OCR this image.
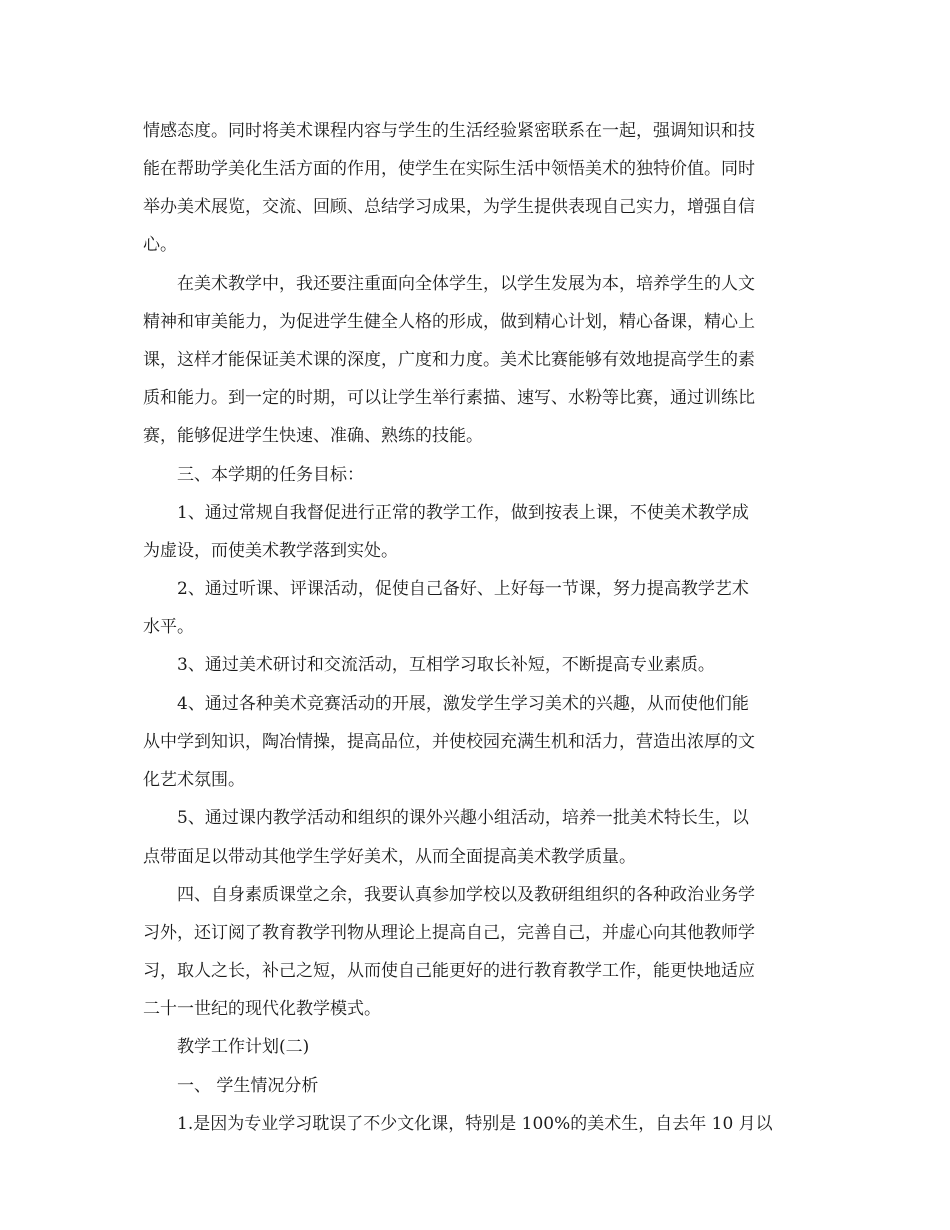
情感态度。同时将美术课程内容与学生的生活经验紧密联系在一起，强调知识和技
能在帮助学美化生活方面的作用，使学生在实际生活中领悟美术的独特价值。同时
举办美术展览，交流、回顾、总结学习成果，为学生提供表现自己实力，增强自信
心。
在美术教学中，我还要注重面向全体学生，以学生发展为本，培养学生的人文
精神和审美能力，为促进学生健全人格的形成，做到精心计划，精心备课，精心上
课，这样才能保证美术课的深度，广度和力度。美术比赛能够有效地提高学生的素
质和能力。到一定的时期，可以让学生举行素描、速写、水粉等比赛，通过训练比
赛，能够促进学生快速、准确、熟练的技能。
三、本学期的任务目标：
1、通过常规自我督促进行正常的教学工作，做到按表上课，不使美术教学成
为虚设，而使美术教学落到实处。
2、通过听课、评课活动，促使自己备好、上好每一节课，努力提高教学艺术
水平。
3、通过美术研讨和交流活动，互相学习取长补短，不断提高专业素质。
4、通过各种美术竞赛活动的开展，激发学生学习美术的兴趣，从而使他们能
从中学到知识，陶冶情操，提高品位，并使校园充满生机和活力，营造出浓厚的文
化艺术氛围。
5、通过课内教学活动和组织的课外兴趣小组活动，培养一批美术特长生，以
点带面足以带动其他学生学好美术，从而全面提高美术教学质量。
四、自身素质课堂之余，我要认真参加学校以及教研组组织的各种政治业务学
习外，还订阅了教育教学刊物从理论上提高自己，完善自己，并虚心向其他教师学
习，取人之长，补己之短，从而使自己能更好的进行教育教学工作，能更快地适应
二十一世纪的现代化教学模式。
教学工作计划(二)
一、 学生情况分析
1.是因为专业学习耽误了不少文化课，特别是 100%的美术生，自去年 10 月以
